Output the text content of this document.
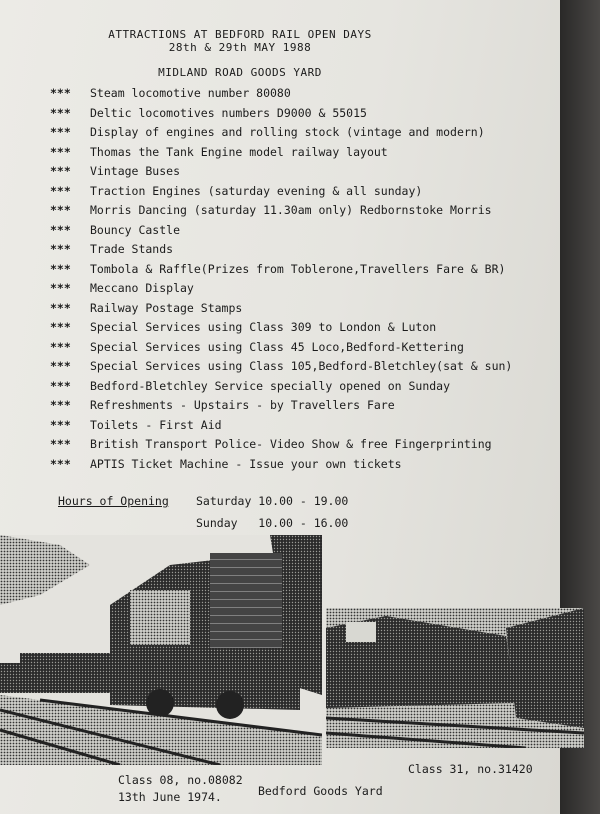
ATTRACTIONS AT BEDFORD RAIL OPEN DAYS
28th & 29th MAY 1988
MIDLAND ROAD GOODS YARD
***	Steam locomotive number 80080
***	Deltic locomotives numbers D9000 & 55015
***	Display of engines and rolling stock (vintage and modern)
***	Thomas the Tank Engine model railway layout
***	Vintage Buses
***	Traction Engines (saturday evening & all sunday)
***	Morris Dancing (saturday 11.30am only) Redbornstoke Morris
***	Bouncy Castle
***	Trade Stands
***	Tombola & Raffle(Prizes from Toblerone,Travellers Fare & BR)
***	Meccano Display
***	Railway Postage Stamps
***	Special Services using Class 309 to London & Luton
***	Special Services using Class 45 Loco,Bedford-Kettering
***	Special Services using Class 105,Bedford-Bletchley(sat & sun)
***	Bedford-Bletchley Service specially opened on Sunday
***	Refreshments - Upstairs - by Travellers Fare
***	Toilets - First Aid
***	British Transport Police- Video Show & free Fingerprinting
***	APTIS Ticket Machine - Issue your own tickets
Hours of Opening Saturday 10.00 - 19.00
Sunday   10.00 - 16.00
Class 08, no.08082
13th June 1974.	Bedford Goods Yard
Class 31, no.31420
